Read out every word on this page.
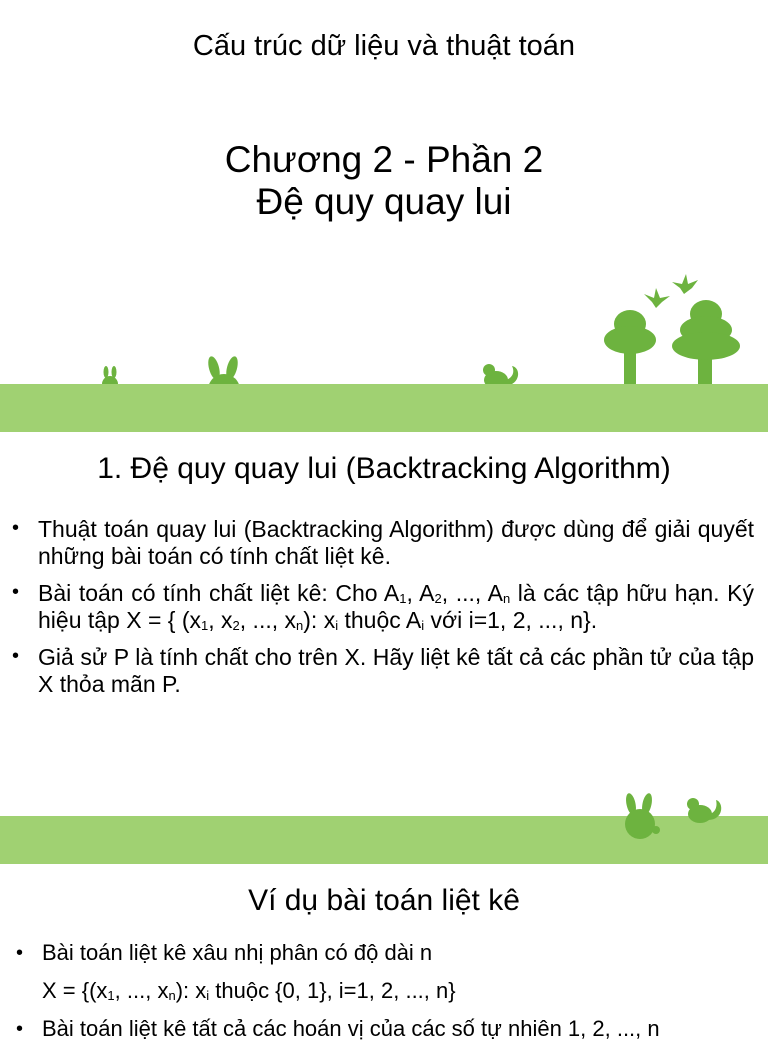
Cấu trúc dữ liệu và thuật toán
Chương 2 - Phần 2
Đệ quy quay lui
1. Đệ quy quay lui (Backtracking Algorithm)
• Thuật toán quay lui (Backtracking Algorithm) được dùng để giải quyết những bài toán có tính chất liệt kê.
• Bài toán có tính chất liệt kê: Cho $A_1$, $A_2$, ..., $A_n$ là các tập hữu hạn. Ký hiệu tập X = { ($x_1$, $x_2$, ..., $x_n$): $x_i$ thuộc $A_i$ với i=1, 2, ..., n}.
• Giả sử P là tính chất cho trên X. Hãy liệt kê tất cả các phần tử của tập X thỏa mãn P.
Ví dụ bài toán liệt kê
• Bài toán liệt kê xâu nhị phân có độ dài n
$X = \{(x_1$, ..., $x_n$): $x_i$ thuộc {0, 1}, i=1, 2, ..., n}
• Bài toán liệt kê tất cả các hoán vị của các số tự nhiên 1, 2, ..., n
